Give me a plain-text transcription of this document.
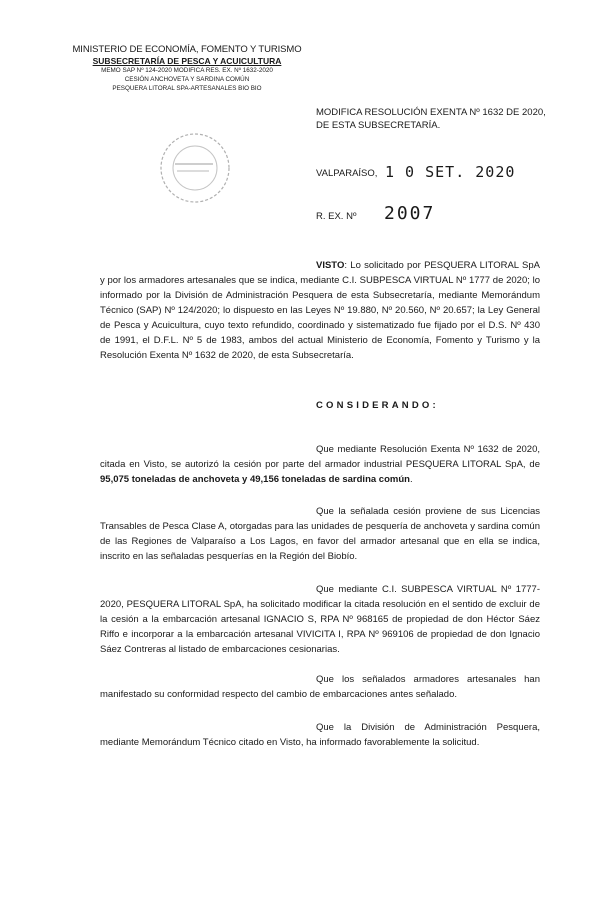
MINISTERIO DE ECONOMÍA, FOMENTO Y TURISMO
SUBSECRETARÍA DE PESCA Y ACUICULTURA
MEMO SAP Nº 124-2020 MODIFICA RES. EX. Nº 1632-2020
CESIÓN ANCHOVETA Y SARDINA COMÚN
PESQUERA LITORAL SPA-ARTESANALES BIO BIO
MODIFICA RESOLUCIÓN EXENTA Nº 1632 DE 2020, DE ESTA SUBSECRETARÍA.
VALPARAÍSO, 1 0 SET. 2020
R. EX. Nº 2007
VISTO: Lo solicitado por PESQUERA LITORAL SpA y por los armadores artesanales que se indica, mediante C.I. SUBPESCA VIRTUAL Nº 1777 de 2020; lo informado por la División de Administración Pesquera de esta Subsecretaría, mediante Memorándum Técnico (SAP) Nº 124/2020; lo dispuesto en las Leyes Nº 19.880, Nº 20.560, Nº 20.657; la Ley General de Pesca y Acuicultura, cuyo texto refundido, coordinado y sistematizado fue fijado por el D.S. Nº 430 de 1991, el D.F.L. Nº 5 de 1983, ambos del actual Ministerio de Economía, Fomento y Turismo y la Resolución Exenta Nº 1632 de 2020, de esta Subsecretaría.
CONSIDERANDO:
Que mediante Resolución Exenta Nº 1632 de 2020, citada en Visto, se autorizó la cesión por parte del armador industrial PESQUERA LITORAL SpA, de 95,075 toneladas de anchoveta y 49,156 toneladas de sardina común.
Que la señalada cesión proviene de sus Licencias Transables de Pesca Clase A, otorgadas para las unidades de pesquería de anchoveta y sardina común de las Regiones de Valparaíso a Los Lagos, en favor del armador artesanal que en ella se indica, inscrito en las señaladas pesquerías en la Región del Biobío.
Que mediante C.I. SUBPESCA VIRTUAL Nº 1777-2020, PESQUERA LITORAL SpA, ha solicitado modificar la citada resolución en el sentido de excluir de la cesión a la embarcación artesanal IGNACIO S, RPA Nº 968165 de propiedad de don Héctor Sáez Riffo e incorporar a la embarcación artesanal VIVICITA I, RPA Nº 969106 de propiedad de don Ignacio Sáez Contreras al listado de embarcaciones cesionarias.
Que los señalados armadores artesanales han manifestado su conformidad respecto del cambio de embarcaciones antes señalado.
Que la División de Administración Pesquera, mediante Memorándum Técnico citado en Visto, ha informado favorablemente la solicitud.
